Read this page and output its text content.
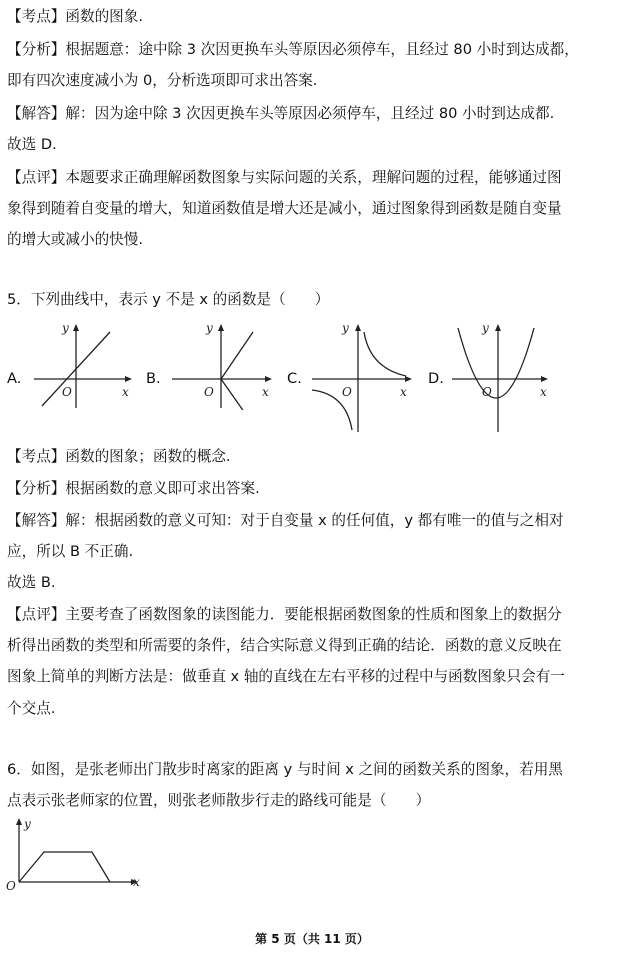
【考点】函数的图象.
【分析】根据题意：途中除 3 次因更换车头等原因必须停车，且经过 80 小时到达成都，
即有四次速度减小为 0，分析选项即可求出答案.
【解答】解：因为途中除 3 次因更换车头等原因必须停车，且经过 80 小时到达成都.
故选 D.
【点评】本题要求正确理解函数图象与实际问题的关系，理解问题的过程，能够通过图
象得到随着自变量的增大，知道函数值是增大还是减小，通过图象得到函数是随自变量
的增大或减小的快慢.
5．下列曲线中，表示 y 不是 x 的函数是（　　）
A.
y
x
O
B.
y
x
O
C.
y
x
O
D.
y
x
O
【考点】函数的图象；函数的概念.
【分析】根据函数的意义即可求出答案.
【解答】解：根据函数的意义可知：对于自变量 x 的任何值，y 都有唯一的值与之相对
应，所以 B 不正确.
故选 B.
【点评】主要考查了函数图象的读图能力．要能根据函数图象的性质和图象上的数据分
析得出函数的类型和所需要的条件，结合实际意义得到正确的结论．函数的意义反映在
图象上简单的判断方法是：做垂直 x 轴的直线在左右平移的过程中与函数图象只会有一
个交点.
6．如图，是张老师出门散步时离家的距离 y 与时间 x 之间的函数关系的图象，若用黑
点表示张老师家的位置，则张老师散步行走的路线可能是（　　）
y
x
O
第 5 页（共 11 页）
